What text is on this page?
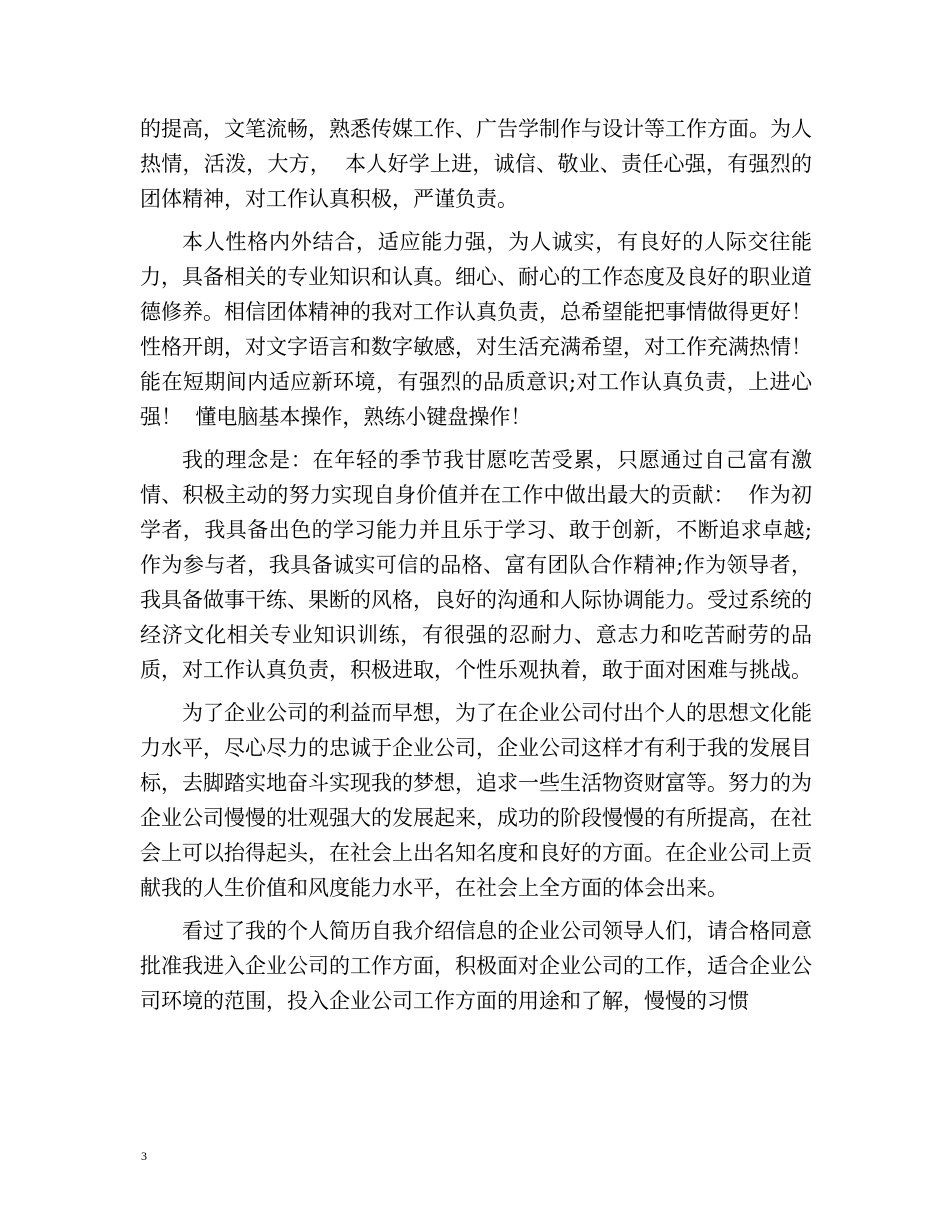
的提高，文笔流畅，熟悉传媒工作、广告学制作与设计等工作方面。为人热情，活泼，大方，  本人好学上进，诚信、敬业、责任心强，有强烈的团体精神，对工作认真积极，严谨负责。

本人性格内外结合，适应能力强，为人诚实，有良好的人际交往能力，具备相关的专业知识和认真。细心、耐心的工作态度及良好的职业道德修养。相信团体精神的我对工作认真负责，总希望能把事情做得更好！  性格开朗，对文字语言和数字敏感，对生活充满希望，对工作充满热情！  能在短期间内适应新环境，有强烈的品质意识;对工作认真负责，上进心强！  懂电脑基本操作，熟练小键盘操作！

我的理念是：在年轻的季节我甘愿吃苦受累，只愿通过自己富有激情、积极主动的努力实现自身价值并在工作中做出最大的贡献：  作为初学者，我具备出色的学习能力并且乐于学习、敢于创新，不断追求卓越;  作为参与者，我具备诚实可信的品格、富有团队合作精神;作为领导者，我具备做事干练、果断的风格，良好的沟通和人际协调能力。受过系统的经济文化相关专业知识训练，有很强的忍耐力、意志力和吃苦耐劳的品质，对工作认真负责，积极进取，个性乐观执着，敢于面对困难与挑战。

为了企业公司的利益而早想，为了在企业公司付出个人的思想文化能力水平，尽心尽力的忠诚于企业公司，企业公司这样才有利于我的发展目标，去脚踏实地奋斗实现我的梦想，追求一些生活物资财富等。努力的为企业公司慢慢的壮观强大的发展起来，成功的阶段慢慢的有所提高，在社会上可以抬得起头，在社会上出名知名度和良好的方面。在企业公司上贡献我的人生价值和风度能力水平，在社会上全方面的体会出来。

看过了我的个人简历自我介绍信息的企业公司领导人们，请合格同意批准我进入企业公司的工作方面，积极面对企业公司的工作，适合企业公司环境的范围，投入企业公司工作方面的用途和了解，慢慢的习惯

3
